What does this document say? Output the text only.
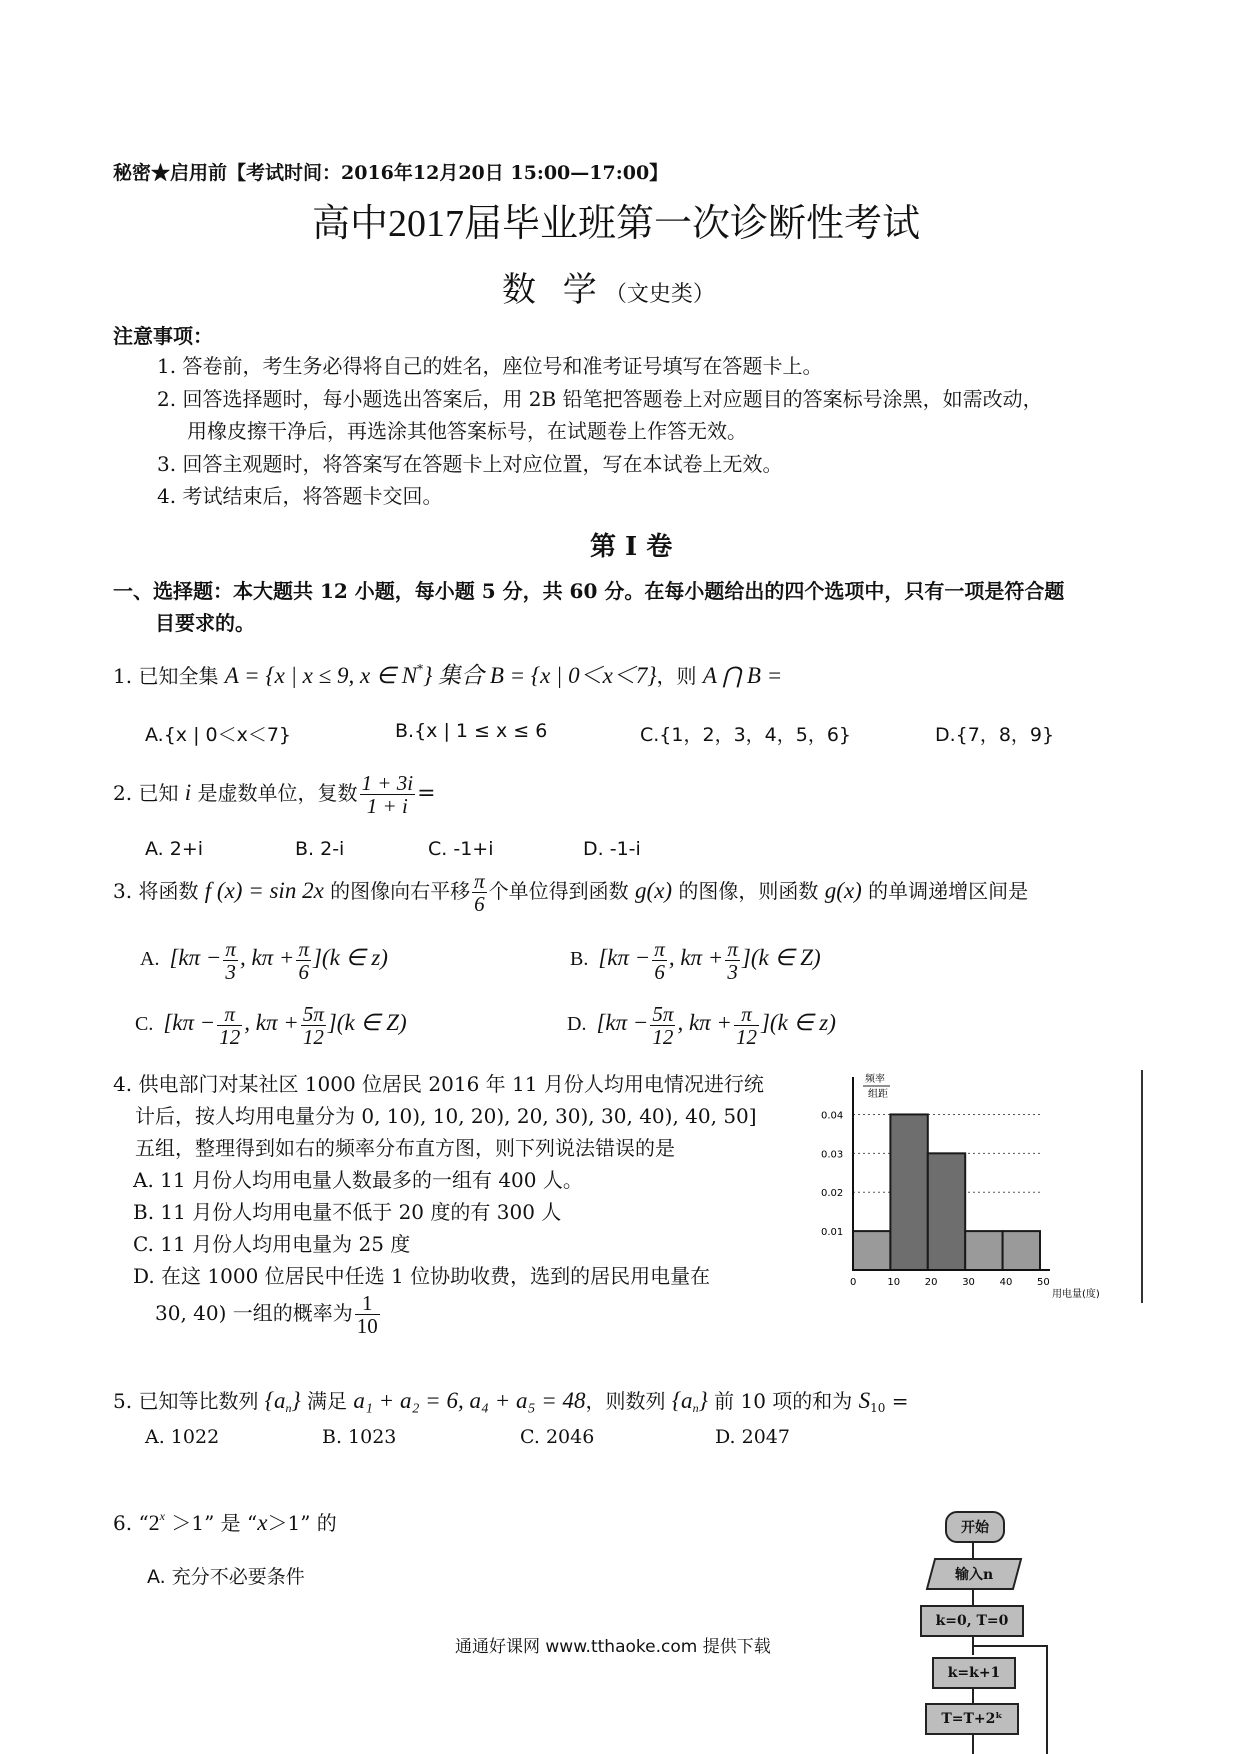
秘密★启用前【考试时间：2016年12月20日 15:00—17:00】
高中2017届毕业班第一次诊断性考试
数 学（文史类）
注意事项：
1. 答卷前，考生务必得将自己的姓名，座位号和准考证号填写在答题卡上。
2. 回答选择题时，每小题选出答案后，用 2B 铅笔把答题卷上对应题目的答案标号涂黑，如需改动，
用橡皮擦干净后，再选涂其他答案标号，在试题卷上作答无效。
3. 回答主观题时，将答案写在答题卡上对应位置，写在本试卷上无效。
4. 考试结束后，将答题卡交回。
第 I 卷
一、选择题：本大题共 12 小题，每小题 5 分，共 60 分。在每小题给出的四个选项中，只有一项是符合题
目要求的。
1. 已知全集 A = {x | x ≤ 9, x ∈ N*} 集合 B = {x | 0＜x＜7}，则 A ⋂ B =
A.{x | 0＜x＜7}	B.{x | 1 ≤ x ≤ 6	C.{1，2，3，4，5，6}	D.{7，8，9}
2. 已知 i 是虚数单位，复数 $\frac{1 + 3i}{1 + i}$ =
A. 2+i	B. 2-i	C. -1+i	D. -1-i
3. 将函数 f (x) = sin 2x 的图像向右平移 $\frac{\pi}{6}$ 个单位得到函数 g(x) 的图像，则函数 g(x) 的单调递增区间是
A. [$k\pi - \frac{\pi}{3}$ , $k\pi + \frac{\pi}{6} ](k$ ∈ z)	B. [$k\pi - \frac{\pi}{6}$ , $k\pi + \frac{\pi}{3} ](k$ ∈ Z)
C. [$k\pi - \frac{\pi}{12}$ , $k\pi + \frac{5\pi}{12} ](k$ ∈ Z)	D. [$k\pi - \frac{5\pi}{12}$ , $k\pi + \frac{\pi}{12} ](k$ ∈ z)
4. 供电部门对某社区 1000 位居民 2016 年 11 月份人均用电情况进行统
计后，按人均用电量分为 0, 10), 10, 20), 20, 30), 30, 40), 40, 50]
五组，整理得到如右的频率分布直方图，则下列说法错误的是
A. 11 月份人均用电量人数最多的一组有 400 人。
B. 11 月份人均用电量不低于 20 度的有 300 人
C. 11 月份人均用电量为 25 度
D. 在这 1000 位居民中任选 1 位协助收费，选到的居民用电量在
30, 40) 一组的概率为 $\frac{1}{10}$
频率
组距
0.01
0.02
0.03
0.04
0	10 20 30 40 50
用电量(度)
5. 已知等比数列 $\{a_n\}$ 满足 a₁ + a₂ = 6, a₄ + a₅ = 48，则数列 $\{a_n\}$ 前 10 项的和为 $S_{10}$ =
A. 1022	B. 1023	C. 2046	D. 2047
6. “$2^x >1$” 是 “x＞1” 的
A. 充分不必要条件
开始
输入n
k=0, T=0
k=k+1
T=T+2ᵏ
通通好课网 www.tthaoke.com 提供下载
